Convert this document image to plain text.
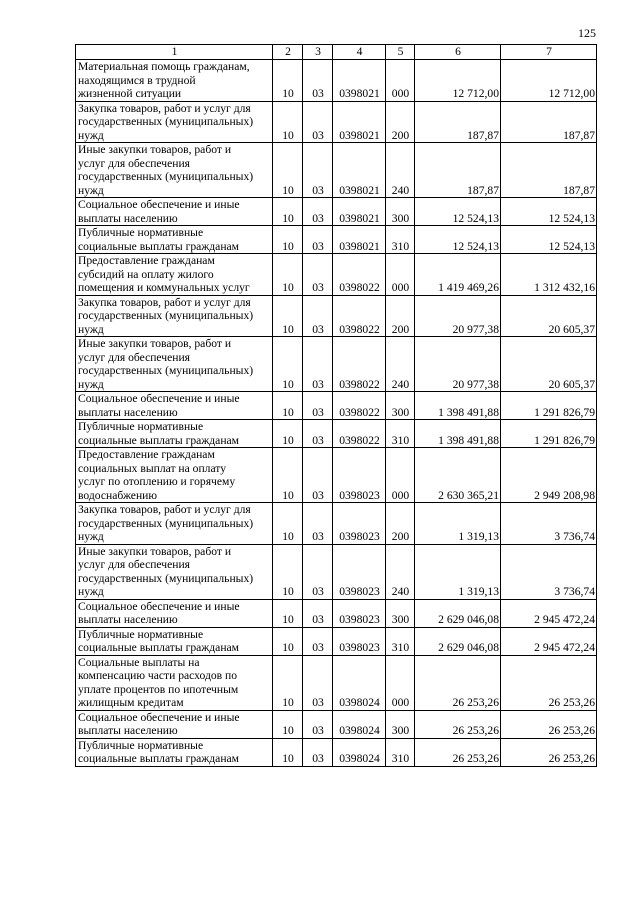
125
1	2	3	4	5	6	7
Материальная помощь гражданам,
находящимся в трудной
жизненной ситуации	10	03	0398021	000	12 712,00	12 712,00
Закупка товаров, работ и услуг для
государственных (муниципальных)
нужд	10	03	0398021	200	187,87	187,87
Иные закупки товаров, работ и
услуг для обеспечения
государственных (муниципальных)
нужд	10	03	0398021	240	187,87	187,87
Социальное обеспечение и иные
выплаты населению	10	03	0398021	300	12 524,13	12 524,13
Публичные нормативные
социальные выплаты гражданам	10	03	0398021	310	12 524,13	12 524,13
Предоставление гражданам
субсидий на оплату жилого
помещения и коммунальных услуг	10	03	0398022	000	1 419 469,26	1 312 432,16
Закупка товаров, работ и услуг для
государственных (муниципальных)
нужд	10	03	0398022	200	20 977,38	20 605,37
Иные закупки товаров, работ и
услуг для обеспечения
государственных (муниципальных)
нужд	10	03	0398022	240	20 977,38	20 605,37
Социальное обеспечение и иные
выплаты населению	10	03	0398022	300	1 398 491,88	1 291 826,79
Публичные нормативные
социальные выплаты гражданам	10	03	0398022	310	1 398 491,88	1 291 826,79
Предоставление гражданам
социальных выплат на оплату
услуг по отоплению и горячему
водоснабжению	10	03	0398023	000	2 630 365,21	2 949 208,98
Закупка товаров, работ и услуг для
государственных (муниципальных)
нужд	10	03	0398023	200	1 319,13	3 736,74
Иные закупки товаров, работ и
услуг для обеспечения
государственных (муниципальных)
нужд	10	03	0398023	240	1 319,13	3 736,74
Социальное обеспечение и иные
выплаты населению	10	03	0398023	300	2 629 046,08	2 945 472,24
Публичные нормативные
социальные выплаты гражданам	10	03	0398023	310	2 629 046,08	2 945 472,24
Социальные выплаты на
компенсацию части расходов по
уплате процентов по ипотечным
жилищным кредитам	10	03	0398024	000	26 253,26	26 253,26
Социальное обеспечение и иные
выплаты населению	10	03	0398024	300	26 253,26	26 253,26
Публичные нормативные
социальные выплаты гражданам	10	03	0398024	310	26 253,26	26 253,26
